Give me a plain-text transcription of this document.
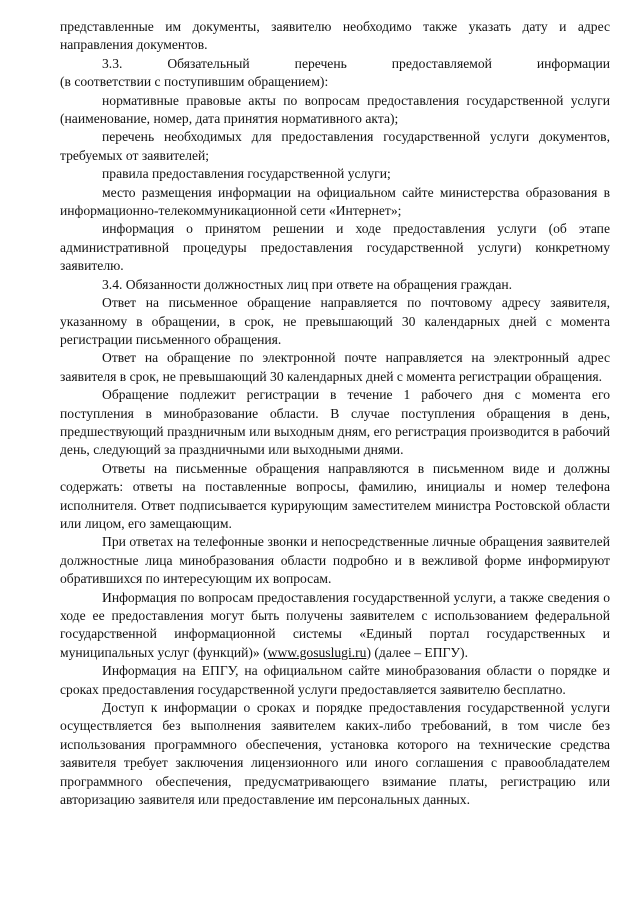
представленные им документы, заявителю необходимо также указать дату и адрес направления документов.

3.3. Обязательный перечень предоставляемой информации

(в соответствии с поступившим обращением):

нормативные правовые акты по вопросам предоставления государственной услуги (наименование, номер, дата принятия нормативного акта);

перечень необходимых для предоставления государственной услуги документов, требуемых от заявителей;

правила предоставления государственной услуги;

место размещения информации на официальном сайте министерства образования в информационно-телекоммуникационной сети «Интернет»;

информация о принятом решении и ходе предоставления услуги (об этапе административной процедуры предоставления государственной услуги) конкретному заявителю.

3.4. Обязанности должностных лиц при ответе на обращения граждан.

Ответ на письменное обращение направляется по почтовому адресу заявителя, указанному в обращении, в срок, не превышающий 30 календарных дней с момента регистрации письменного обращения.

Ответ на обращение по электронной почте направляется на электронный адрес заявителя в срок, не превышающий 30 календарных дней с момента регистрации обращения.

Обращение подлежит регистрации в течение 1 рабочего дня с момента его поступления в минобразование области. В случае поступления обращения в день, предшествующий праздничным или выходным дням, его регистрация производится в рабочий день, следующий за праздничными или выходными днями.

Ответы на письменные обращения направляются в письменном виде и должны содержать: ответы на поставленные вопросы, фамилию, инициалы и номер телефона исполнителя. Ответ подписывается курирующим заместителем министра Ростовской области или лицом, его замещающим.

При ответах на телефонные звонки и непосредственные личные обращения заявителей должностные лица минобразования области подробно и в вежливой форме информируют обратившихся по интересующим их вопросам.

Информация по вопросам предоставления государственной услуги, а также сведения о ходе ее предоставления могут быть получены заявителем с использованием федеральной государственной информационной системы «Единый портал государственных и муниципальных услуг (функций)» (www.gosuslugi.ru) (далее – ЕПГУ).

Информация на ЕПГУ, на официальном сайте минобразования области о порядке и сроках предоставления государственной услуги предоставляется заявителю бесплатно.

Доступ к информации о сроках и порядке предоставления государственной услуги осуществляется без выполнения заявителем каких-либо требований, в том числе без использования программного обеспечения, установка которого на технические средства заявителя требует заключения лицензионного или иного соглашения с правообладателем программного обеспечения, предусматривающего взимание платы, регистрацию или авторизацию заявителя или предоставление им персональных данных.
